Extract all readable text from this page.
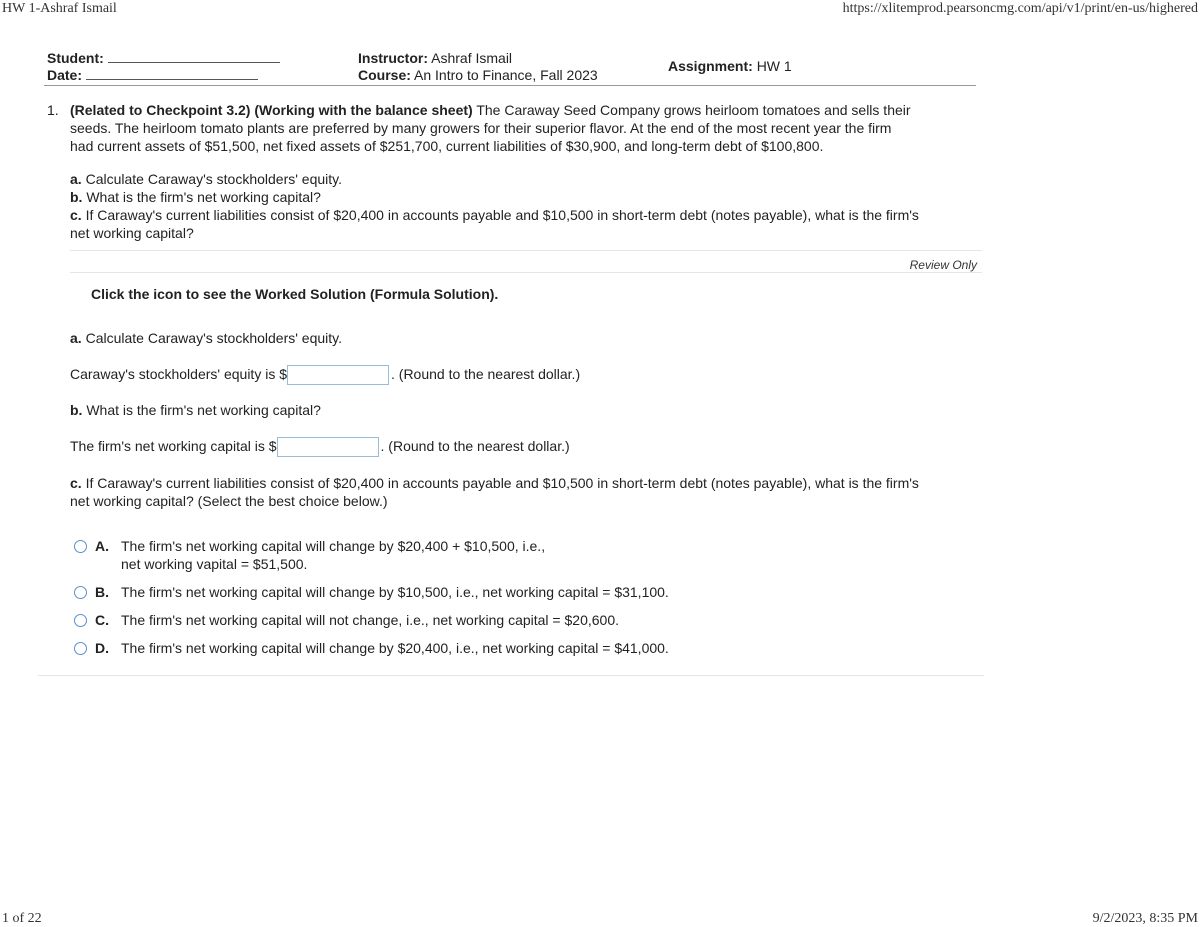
HW 1-Ashraf Ismail	https://xlitemprod.pearsoncmg.com/api/v1/print/en-us/highered
Student:
Date:
Instructor: Ashraf Ismail
Course: An Intro to Finance, Fall 2023
Assignment: HW 1
1. (Related to Checkpoint 3.2) (Working with the balance sheet) The Caraway Seed Company grows heirloom tomatoes and sells their
seeds. The heirloom tomato plants are preferred by many growers for their superior flavor. At the end of the most recent year the firm
had current assets of $51,500, net fixed assets of $251,700, current liabilities of $30,900, and long-term debt of $100,800.
a. Calculate Caraway's stockholders' equity.
b. What is the firm's net working capital?
c. If Caraway's current liabilities consist of $20,400 in accounts payable and $10,500 in short-term debt (notes payable), what is the firm's
net working capital?
Review Only
Click the icon to see the Worked Solution (Formula Solution).
a. Calculate Caraway's stockholders' equity.
Caraway's stockholders' equity is $	. (Round to the nearest dollar.)
b. What is the firm's net working capital?
The firm's net working capital is $	. (Round to the nearest dollar.)
c. If Caraway's current liabilities consist of $20,400 in accounts payable and $10,500 in short-term debt (notes payable), what is the firm's
net working capital? (Select the best choice below.)
A. The firm's net working capital will change by $20,400 + $10,500, i.e.,
net working vapital = $51,500.
B. The firm's net working capital will change by $10,500, i.e., net working capital = $31,100.
C. The firm's net working capital will not change, i.e., net working capital = $20,600.
D. The firm's net working capital will change by $20,400, i.e., net working capital = $41,000.
1 of 22	9/2/2023, 8:35 PM
